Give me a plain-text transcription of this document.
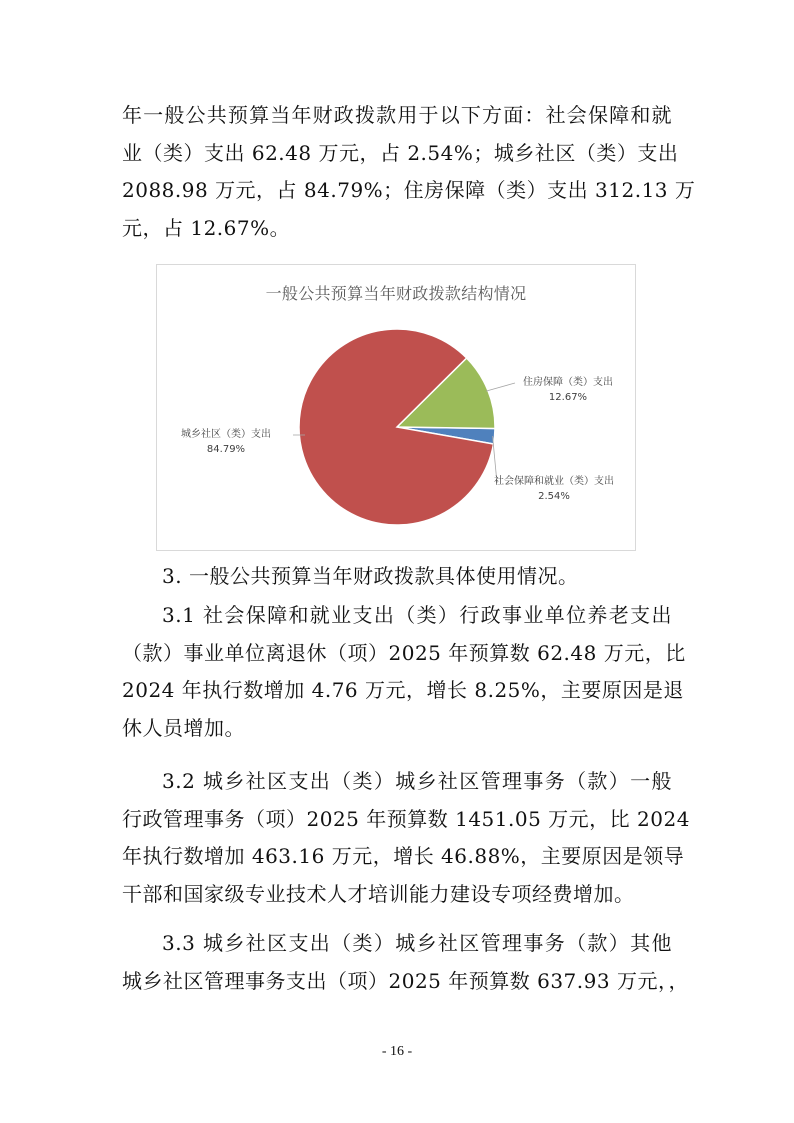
年一般公共预算当年财政拨款用于以下方面：社会保障和就
业（类）支出 62.48 万元，占 2.54%；城乡社区（类）支出
2088.98 万元，占 84.79%；住房保障（类）支出 312.13 万
元，占 12.67%。

一般公共预算当年财政拨款结构情况
城乡社区（类）支出
84.79%
住房保障（类）支出
12.67%
社会保障和就业（类）支出
2.54%
3. 一般公共预算当年财政拨款具体使用情况。

3.1 社会保障和就业支出（类）行政事业单位养老支出
（款）事业单位离退休（项）2025 年预算数 62.48 万元，比
2024 年执行数增加 4.76 万元，增长 8.25%，主要原因是退
休人员增加。

3.2 城乡社区支出（类）城乡社区管理事务（款）一般
行政管理事务（项）2025 年预算数 1451.05 万元，比 2024
年执行数增加 463.16 万元，增长 46.88%，主要原因是领导
干部和国家级专业技术人才培训能力建设专项经费增加。

3.3 城乡社区支出（类）城乡社区管理事务（款）其他
城乡社区管理事务支出（项）2025 年预算数 637.93 万元，，

- 16 -
